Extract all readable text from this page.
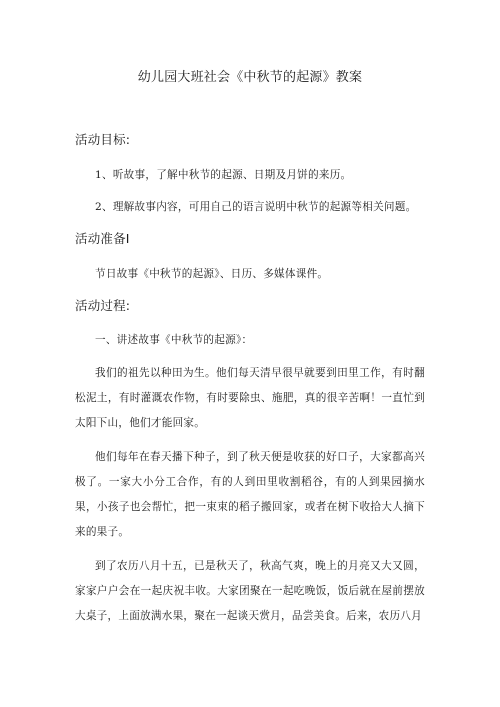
幼儿园大班社会《中秋节的起源》教案
活动目标:
1、听故事，了解中秋节的起源、日期及月饼的来历。
2、理解故事内容，可用自己的语言说明中秋节的起源等相关问题。
活动准备I
节日故事《中秋节的起源》、日历、多媒体课件。
活动过程:
一、讲述故事《中秋节的起源》：
我们的祖先以种田为生。他们每天清早很早就要到田里工作，有时翻松泥土，有时灌溉农作物，有时要除虫、施肥，真的很辛苦啊！一直忙到太阳下山，他们才能回家。
他们每年在春天播下种子，到了秋天便是收获的好口子，大家都高兴极了。一家大小分工合作，有的人到田里收割稻谷，有的人到果园摘水果，小孩子也会帮忙，把一束束的稻子搬回家，或者在树下收拾大人摘下来的果子。
到了农历八月十五，已是秋天了，秋高气爽，晚上的月亮又大又圆，家家户户会在一起庆祝丰收。大家团聚在一起吃晚饭，饭后就在屋前摆放大桌子，上面放满水果，聚在一起谈天赏月，品尝美食。后来，农历八月
